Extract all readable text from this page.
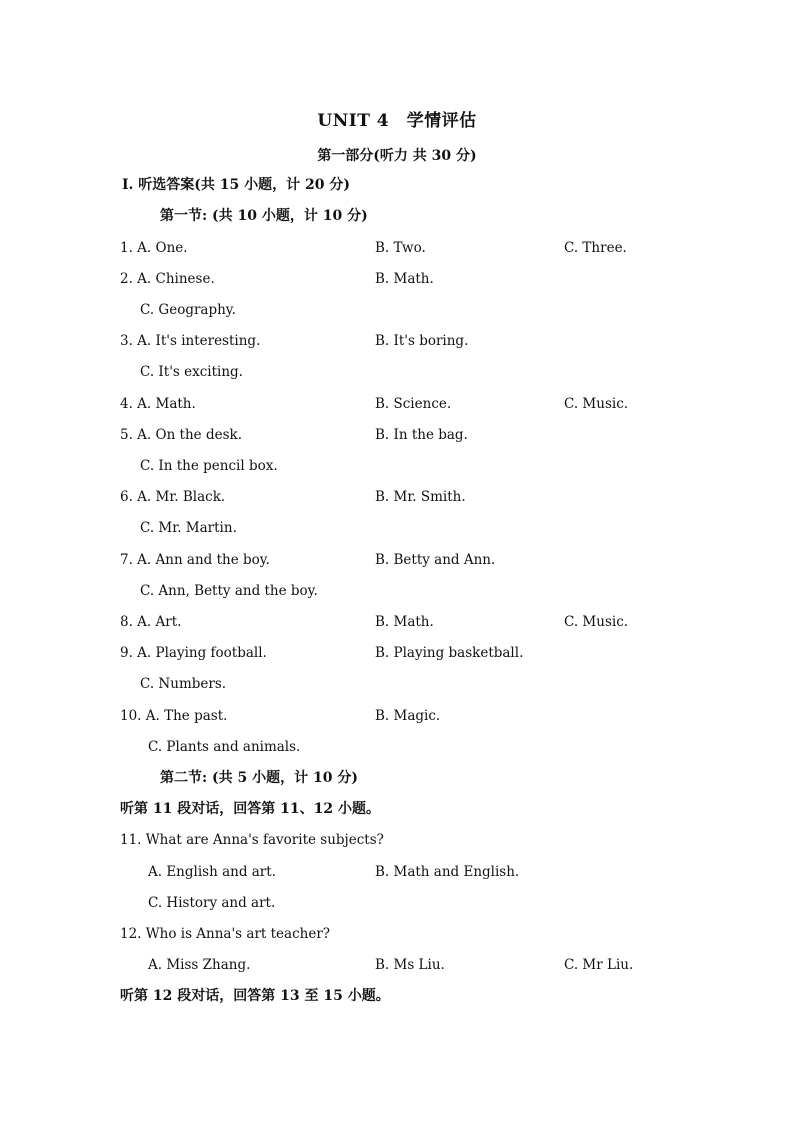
UNIT 4　学情评估
第一部分(听力 共 30 分)
Ⅰ. 听选答案(共 15 小题，计 20 分)
第一节: (共 10 小题，计 10 分)
1. A. One.	B. Two.	C. Three.
2. A. Chinese.	B. Math.
C. Geography.
3. A. It's interesting.	B. It's boring.
C. It's exciting.
4. A. Math.	B. Science.	C. Music.
5. A. On the desk.	B. In the bag.
C. In the pencil box.
6. A. Mr. Black.	B. Mr. Smith.
C. Mr. Martin.
7. A. Ann and the boy.	B. Betty and Ann.
C. Ann, Betty and the boy.
8. A. Art.	B. Math.	C. Music.
9. A. Playing football.	B. Playing basketball.
C. Numbers.
10. A. The past.	B. Magic.
C. Plants and animals.
第二节: (共 5 小题，计 10 分)
听第 11 段对话，回答第 11、12 小题。
11. What are Anna's favorite subjects?
A. English and art.	B. Math and English.
C. History and art.
12. Who is Anna's art teacher?
A. Miss Zhang.	B. Ms Liu.	C. Mr Liu.
听第 12 段对话，回答第 13 至 15 小题。
